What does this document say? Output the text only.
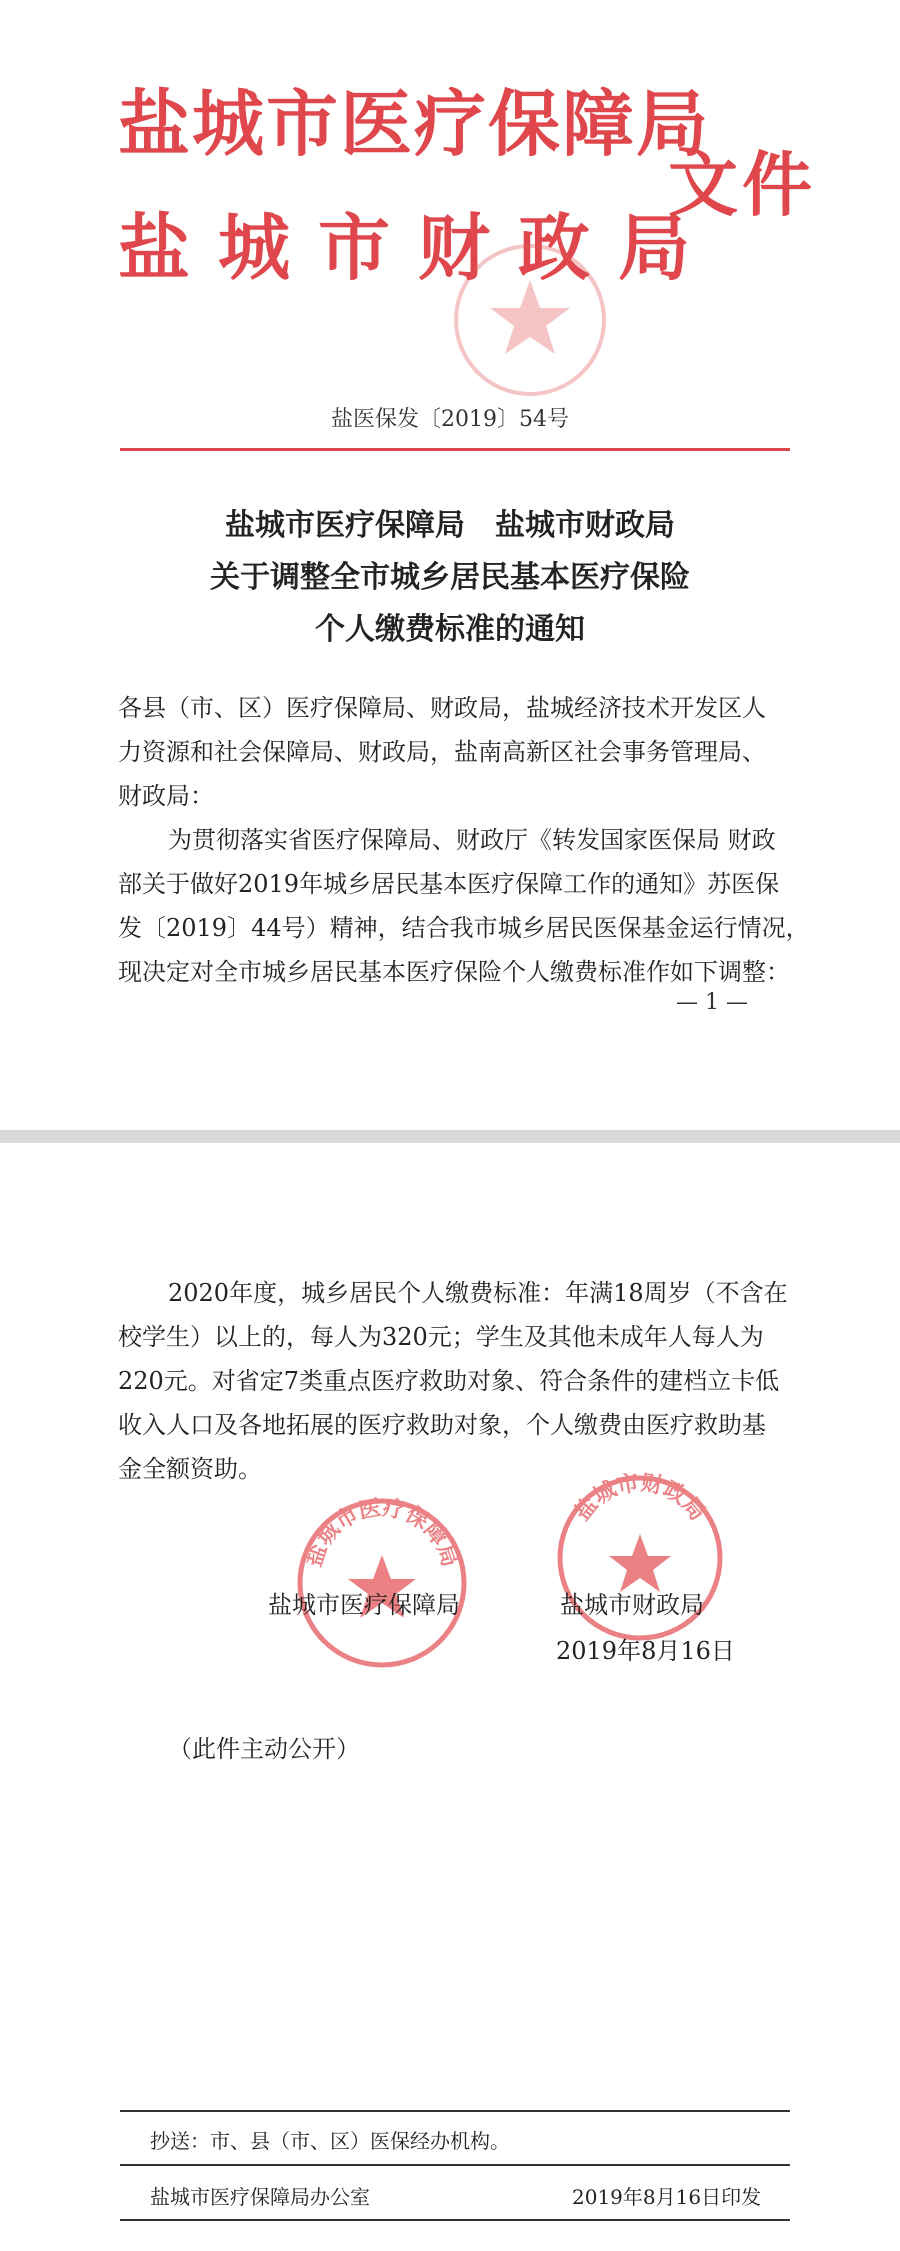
盐城市医疗保障局
盐城市财政局
文件
盐医保发〔2019〕54号
盐城市医疗保障局　盐城市财政局
关于调整全市城乡居民基本医疗保险
个人缴费标准的通知
各县（市、区）医疗保障局、财政局，盐城经济技术开发区人
力资源和社会保障局、财政局，盐南高新区社会事务管理局、
财政局：
为贯彻落实省医疗保障局、财政厅《转发国家医保局 财政
部关于做好2019年城乡居民基本医疗保障工作的通知》苏医保
发〔2019〕44号）精神，结合我市城乡居民医保基金运行情况，
现决定对全市城乡居民基本医疗保险个人缴费标准作如下调整：
— 1 —
2020年度，城乡居民个人缴费标准：年满18周岁（不含在
校学生）以上的，每人为320元；学生及其他未成年人每人为
220元。对省定7类重点医疗救助对象、符合条件的建档立卡低
收入人口及各地拓展的医疗救助对象，个人缴费由医疗救助基
金全额资助。
盐城市医疗保障局
盐城市财政局
盐城市医疗保障局	盐城市财政局
2019年8月16日
（此件主动公开）
抄送：市、县（市、区）医保经办机构。
盐城市医疗保障局办公室	2019年8月16日印发
